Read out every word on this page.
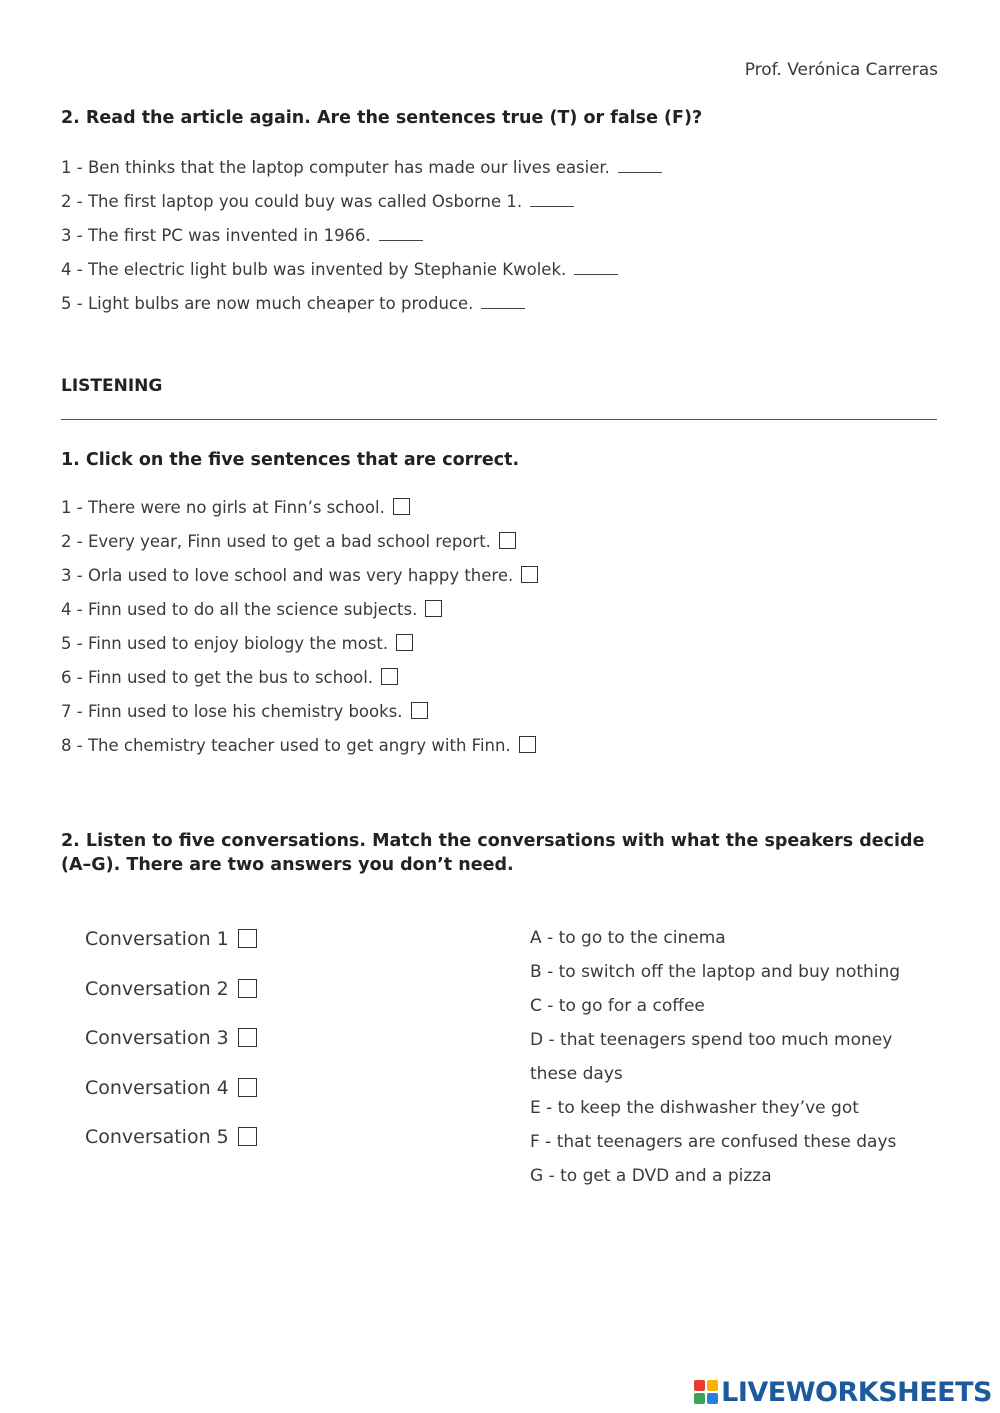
Prof. Verónica Carreras
2. Read the article again. Are the sentences true (T) or false (F)?
1 - Ben thinks that the laptop computer has made our lives easier.
2 - The first laptop you could buy was called Osborne 1.
3 - The first PC was invented in 1966.
4 - The electric light bulb was invented by Stephanie Kwolek.
5 - Light bulbs are now much cheaper to produce.
LISTENING
1. Click on the five sentences that are correct.
1 - There were no girls at Finn’s school.
2 - Every year, Finn used to get a bad school report.
3 - Orla used to love school and was very happy there.
4 - Finn used to do all the science subjects.
5 - Finn used to enjoy biology the most.
6 - Finn used to get the bus to school.
7 - Finn used to lose his chemistry books.
8 - The chemistry teacher used to get angry with Finn.
2. Listen to five conversations. Match the conversations with what the speakers decide (A–G). There are two answers you don’t need.
Conversation 1
Conversation 2
Conversation 3
Conversation 4
Conversation 5
A - to go to the cinema
B - to switch off the laptop and buy nothing
C - to go for a coffee
D - that teenagers spend too much money
these days
E - to keep the dishwasher they’ve got
F - that teenagers are confused these days
G - to get a DVD and a pizza
LIVEWORKSHEETS
